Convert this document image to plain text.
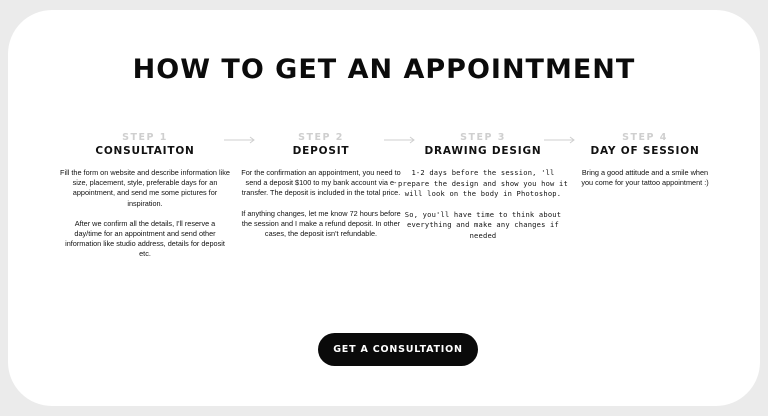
HOW TO GET AN APPOINTMENT
STEP 1
CONSULTAITON

Fill the form on website and describe information like size, placement, style, preferable days for an appointment, and send me some pictures for inspiration.

After we confirm all the details, I'll reserve a day/time for an appointment and send other information like studio address, details for deposit etc.

STEP 2
DEPOSIT

For the confirmation an appointment, you need to send a deposit $100 to my bank account via e-transfer. The deposit is included in the total price.

If anything changes, let me know 72 hours before the session and I make a refund deposit. In other cases, the deposit isn't refundable.

STEP 3
DRAWING DESIGN

1-2 days before the session, 'll prepare the design and show you how it will look on the body in Photoshop.

So, you'll have time to think about everything and make any changes if needed

STEP 4
DAY OF SESSION

Bring a good attitude and a smile when you come for your tattoo appointment :)

GET A CONSULTATION
